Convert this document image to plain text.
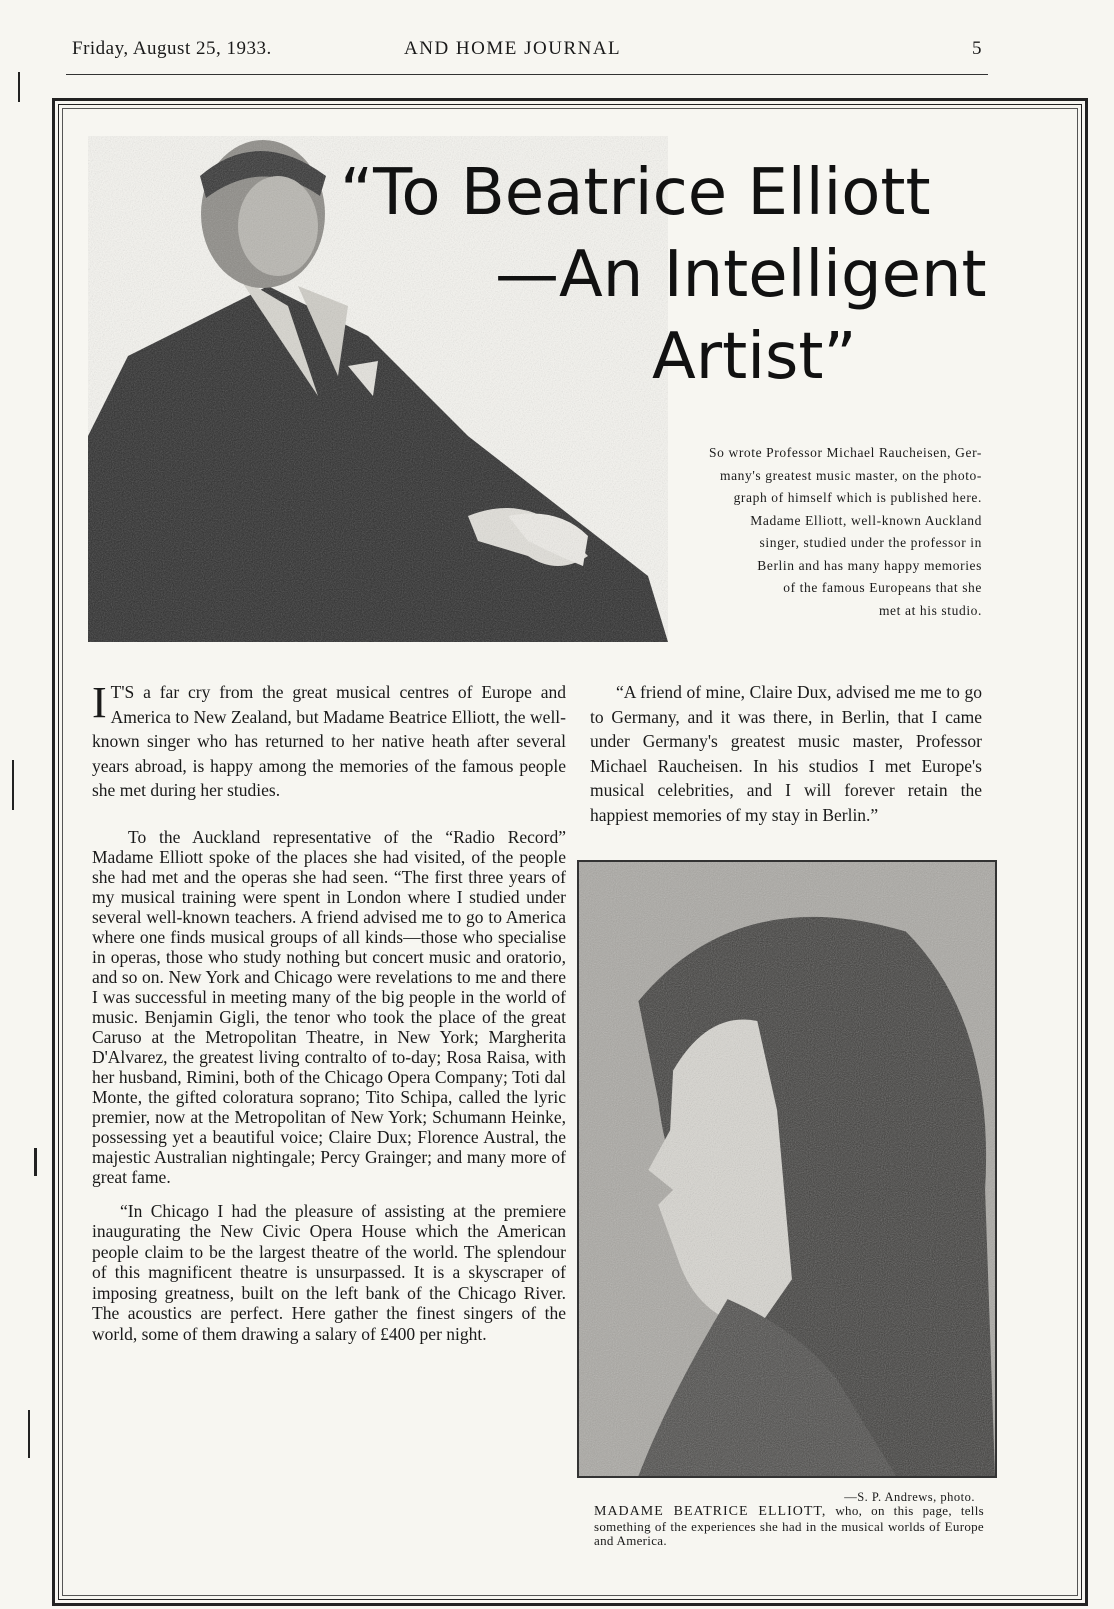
Friday, August 25, 1933.	AND HOME JOURNAL	5
“To Beatrice Elliott
—An Intelligent
Artist”
So wrote Professor Michael Raucheisen, Ger-
many's greatest music master, on the photo-
graph of himself which is published here.
Madame Elliott, well-known Auckland
singer, studied under the professor in
Berlin and has many happy memories
of the famous Europeans that she
met at his studio.

I T'S a far cry from the great musical centres of Europe and America to New Zealand, but Madame Beatrice Elliott, the well-known singer who has returned to her native heath after several years abroad, is happy among the memories of the famous people she met during her studies.

To the Auckland representative of the “Radio Record” Madame Elliott spoke of the places she had visited, of the people she had met and the operas she had seen. “The first three years of my musical training were spent in London where I studied under several well-known teachers. A friend advised me to go to America where one finds musical groups of all kinds—those who specialise in operas, those who study nothing but concert music and oratorio, and so on. New York and Chicago were revelations to me and there I was successful in meeting many of the big people in the world of music. Benjamin Gigli, the tenor who took the place of the great Caruso at the Metropolitan Theatre, in New York; Margherita D'Alvarez, the greatest living contralto of to-day; Rosa Raisa, with her husband, Rimini, both of the Chicago Opera Company; Toti dal Monte, the gifted coloratura soprano; Tito Schipa, called the lyric premier, now at the Metropolitan of New York; Schumann Heinke, possessing yet a beautiful voice; Claire Dux; Florence Austral, the majestic Australian nightingale; Percy Grainger; and many more of great fame.

“In Chicago I had the pleasure of assisting at the premiere inaugurating the New Civic Opera House which the American people claim to be the largest theatre of the world. The splendour of this magnificent theatre is unsurpassed. It is a skyscraper of imposing greatness, built on the left bank of the Chicago River. The acoustics are perfect. Here gather the finest singers of the world, some of them drawing a salary of £400 per night.

“A friend of mine, Claire Dux, advised me me to go to Germany, and it was there, in Berlin, that I came under Germany's greatest music master, Professor Michael Raucheisen. In his studios I met Europe's musical celebrities, and I will forever retain the happiest memories of my stay in Berlin.”

—S. P. Andrews, photo.
MADAME BEATRICE ELLIOTT, who, on this page, tells something of the experiences she had in the musical worlds of Europe and America.
